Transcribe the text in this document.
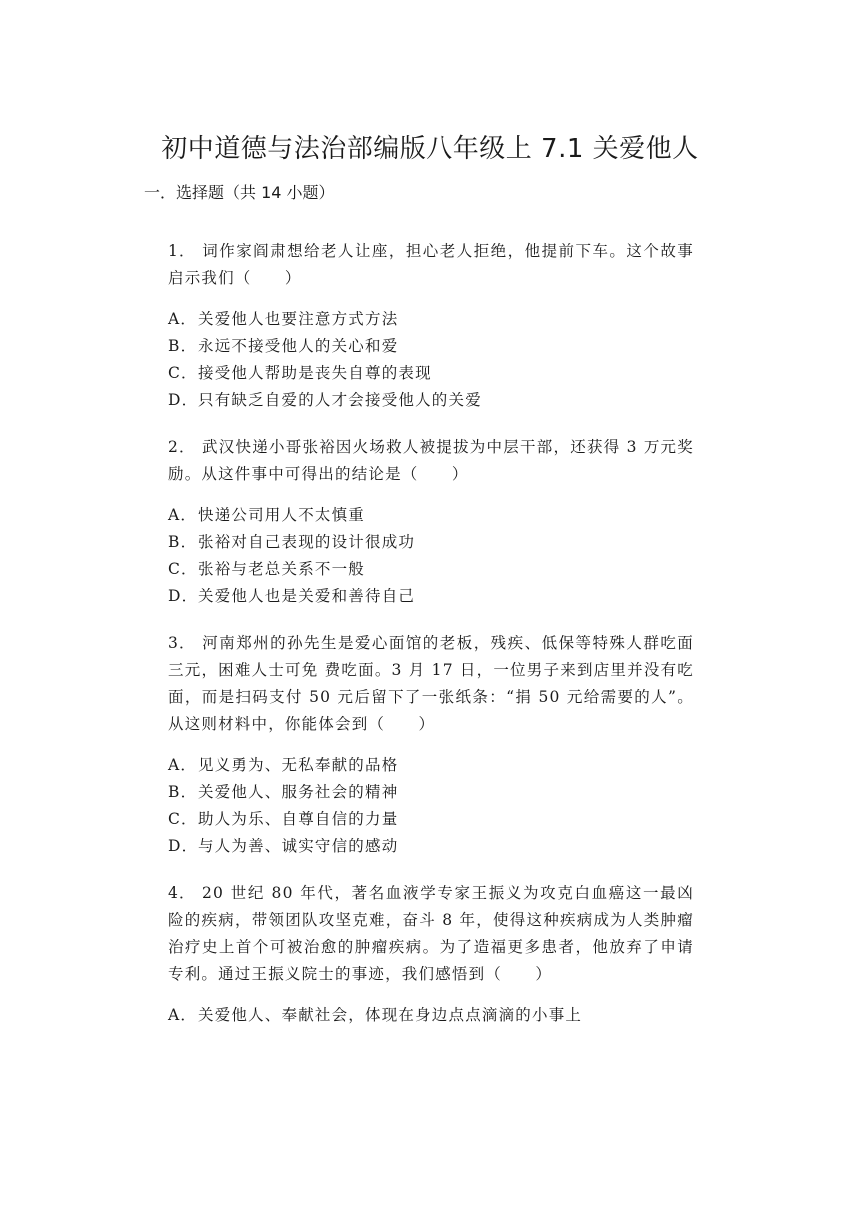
初中道德与法治部编版八年级上 7.1 关爱他人
一．选择题（共 14 小题）

1． 词作家阎肃想给老人让座，担心老人拒绝，他提前下车。这个故事启示我们（　　）

A．关爱他人也要注意方式方法
B．永远不接受他人的关心和爱
C．接受他人帮助是丧失自尊的表现
D．只有缺乏自爱的人才会接受他人的关爱

2． 武汉快递小哥张裕因火场救人被提拔为中层干部，还获得 3 万元奖励。从这件事中可得出的结论是（　　）

A．快递公司用人不太慎重
B．张裕对自己表现的设计很成功
C．张裕与老总关系不一般
D．关爱他人也是关爱和善待自己

3． 河南郑州的孙先生是爱心面馆的老板，残疾、低保等特殊人群吃面三元，困难人士可免 费吃面。3 月 17 日，一位男子来到店里并没有吃面，而是扫码支付 50 元后留下了一张纸条：“捐 50 元给需要的人”。从这则材料中，你能体会到（　　）

A．见义勇为、无私奉献的品格
B．关爱他人、服务社会的精神
C．助人为乐、自尊自信的力量
D．与人为善、诚实守信的感动

4． 20 世纪 80 年代，著名血液学专家王振义为攻克白血癌这一最凶险的疾病，带领团队攻坚克难，奋斗 8 年，使得这种疾病成为人类肿瘤治疗史上首个可被治愈的肿瘤疾病。为了造福更多患者，他放弃了申请专利。通过王振义院士的事迹，我们感悟到（　　）

A．关爱他人、奉献社会，体现在身边点点滴滴的小事上
